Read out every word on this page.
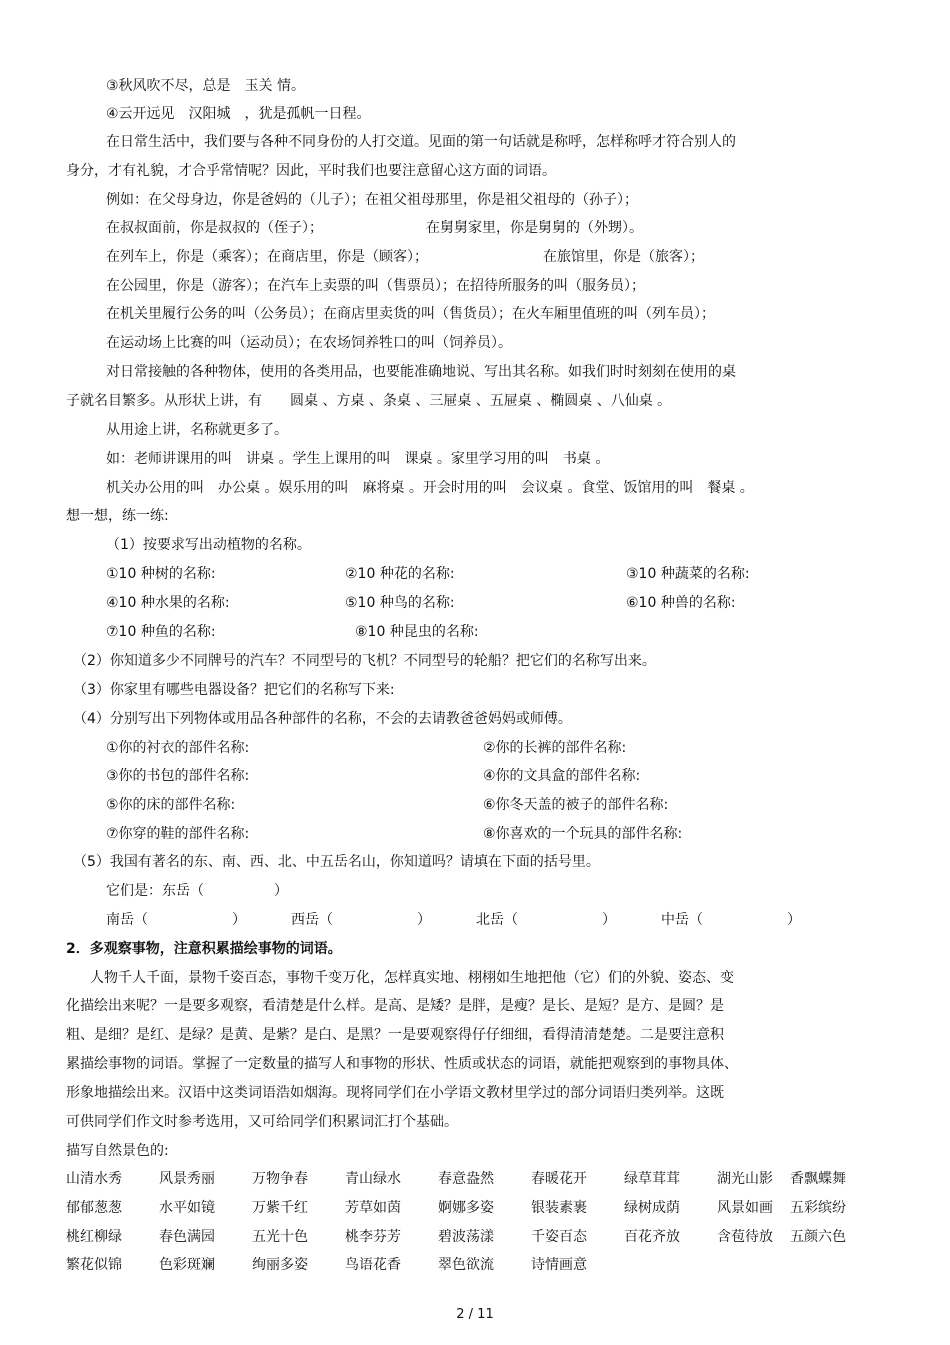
③秋风吹不尽，总是　玉关 情。
④云开远见　汉阳城　，犹是孤帆一日程。
在日常生活中，我们要与各种不同身份的人打交道。见面的第一句话就是称呼，怎样称呼才符合别人的
身分，才有礼貌，才合乎常情呢？因此，平时我们也要注意留心这方面的词语。
例如：在父母身边，你是爸妈的（儿子）；在祖父祖母那里，你是祖父祖母的（孙子）；
在叔叔面前，你是叔叔的（侄子）；	在舅舅家里，你是舅舅的（外甥）。
在列车上，你是（乘客）；在商店里，你是（顾客）；	在旅馆里，你是（旅客）；
在公园里，你是（游客）；在汽车上卖票的叫（售票员）；在招待所服务的叫（服务员）；
在机关里履行公务的叫（公务员）；在商店里卖货的叫（售货员）；在火车厢里值班的叫（列车员）；
在运动场上比赛的叫（运动员）；在农场饲养牲口的叫（饲养员）。
对日常接触的各种物体，使用的各类用品，也要能准确地说、写出其名称。如我们时时刻刻在使用的桌
子就名目繁多。从形状上讲，有　　圆桌 、方桌 、条桌 、三屉桌 、五屉桌 、椭圆桌 、八仙桌 。
从用途上讲，名称就更多了。
如：老师讲课用的叫　讲桌 。学生上课用的叫　课桌 。家里学习用的叫　书桌 。
机关办公用的叫　办公桌 。娱乐用的叫　麻将桌 。开会时用的叫　会议桌 。食堂、饭馆用的叫　餐桌 。
想一想，练一练:
（1）按要求写出动植物的名称。
①10 种树的名称:	②10 种花的名称:	③10 种蔬菜的名称:
④10 种水果的名称:	⑤10 种鸟的名称:	⑥10 种兽的名称:
⑦10 种鱼的名称:	⑧10 种昆虫的名称:
（2）你知道多少不同牌号的汽车？不同型号的飞机？不同型号的轮船？把它们的名称写出来。
（3）你家里有哪些电器设备？把它们的名称写下来:
（4）分别写出下列物体或用品各种部件的名称，不会的去请教爸爸妈妈或师傅。
①你的衬衣的部件名称:	②你的长裤的部件名称:
③你的书包的部件名称:	④你的文具盒的部件名称:
⑤你的床的部件名称:	⑥你冬天盖的被子的部件名称:
⑦你穿的鞋的部件名称:	⑧你喜欢的一个玩具的部件名称:
（5）我国有著名的东、南、西、北、中五岳名山，你知道吗？请填在下面的括号里。
它们是：东岳（　　　　　）
南岳（　　　　　　）	西岳（　　　　　　）	北岳（　　　　　　）	中岳（　　　　　　）
2．多观察事物，注意积累描绘事物的词语。
人物千人千面，景物千姿百态，事物千变万化，怎样真实地、栩栩如生地把他（它）们的外貌、姿态、变
化描绘出来呢？一是要多观察，看清楚是什么样。是高、是矮？是胖，是瘦？是长、是短？是方、是圆？是
粗、是细？是红、是绿？是黄、是紫？是白、是黑？一是要观察得仔仔细细，看得清清楚楚。二是要注意积
累描绘事物的词语。掌握了一定数量的描写人和事物的形状、性质或状态的词语，就能把观察到的事物具体、
形象地描绘出来。汉语中这类词语浩如烟海。现将同学们在小学语文教材里学过的部分词语归类列举。这既
可供同学们作文时参考选用，又可给同学们积累词汇打个基础。
描写自然景色的:
山清水秀	风景秀丽	万物争春	青山绿水	春意盎然	春暖花开	绿草茸茸	湖光山影 香飘蝶舞
郁郁葱葱	水平如镜	万紫千红	芳草如茵	婀娜多姿	银装素裹	绿树成荫	风景如画 五彩缤纷
桃红柳绿	春色满园	五光十色	桃李芬芳	碧波荡漾	千姿百态	百花齐放	含苞待放 五颜六色
繁花似锦	色彩斑斓	绚丽多姿	鸟语花香	翠色欲流	诗情画意
2 / 11
